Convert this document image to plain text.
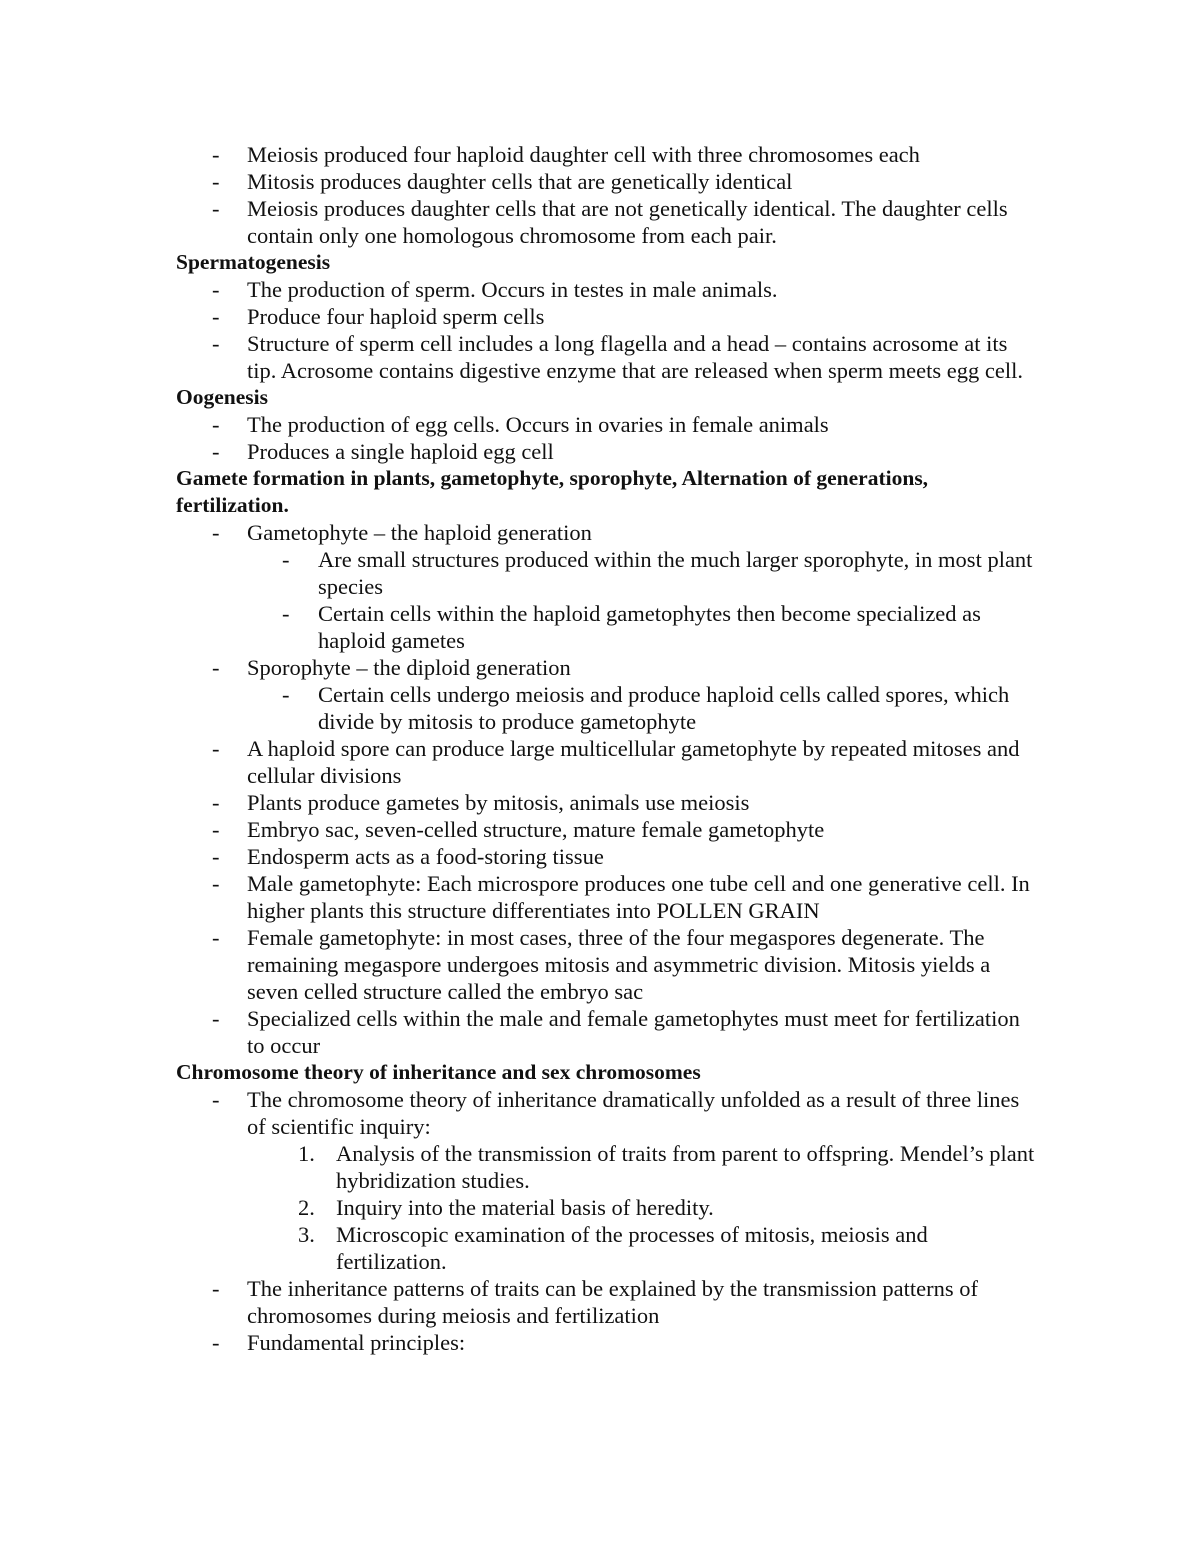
-	Meiosis produced four haploid daughter cell with three chromosomes each
-	Mitosis produces daughter cells that are genetically identical
-	Meiosis produces daughter cells that are not genetically identical. The daughter cells contain only one homologous chromosome from each pair.
Spermatogenesis
-	The production of sperm. Occurs in testes in male animals.
-	Produce four haploid sperm cells
-	Structure of sperm cell includes a long flagella and a head – contains acrosome at its tip. Acrosome contains digestive enzyme that are released when sperm meets egg cell.
Oogenesis
-	The production of egg cells. Occurs in ovaries in female animals
-	Produces a single haploid egg cell
Gamete formation in plants, gametophyte, sporophyte, Alternation of generations, fertilization.
-	Gametophyte – the haploid generation
-	Are small structures produced within the much larger sporophyte, in most plant species
-	Certain cells within the haploid gametophytes then become specialized as haploid gametes
-	Sporophyte – the diploid generation
-	Certain cells undergo meiosis and produce haploid cells called spores, which divide by mitosis to produce gametophyte
-	A haploid spore can produce large multicellular gametophyte by repeated mitoses and cellular divisions
-	Plants produce gametes by mitosis, animals use meiosis
-	Embryo sac, seven-celled structure, mature female gametophyte
-	Endosperm acts as a food-storing tissue
-	Male gametophyte: Each microspore produces one tube cell and one generative cell. In higher plants this structure differentiates into POLLEN GRAIN
-	Female gametophyte: in most cases, three of the four megaspores degenerate. The remaining megaspore undergoes mitosis and asymmetric division. Mitosis yields a seven celled structure called the embryo sac
-	Specialized cells within the male and female gametophytes must meet for fertilization to occur
Chromosome theory of inheritance and sex chromosomes
-	The chromosome theory of inheritance dramatically unfolded as a result of three lines of scientific inquiry:
1. Analysis of the transmission of traits from parent to offspring. Mendel’s plant hybridization studies.
2. Inquiry into the material basis of heredity.
3. Microscopic examination of the processes of mitosis, meiosis and fertilization.
-	The inheritance patterns of traits can be explained by the transmission patterns of chromosomes during meiosis and fertilization
-	Fundamental principles:
